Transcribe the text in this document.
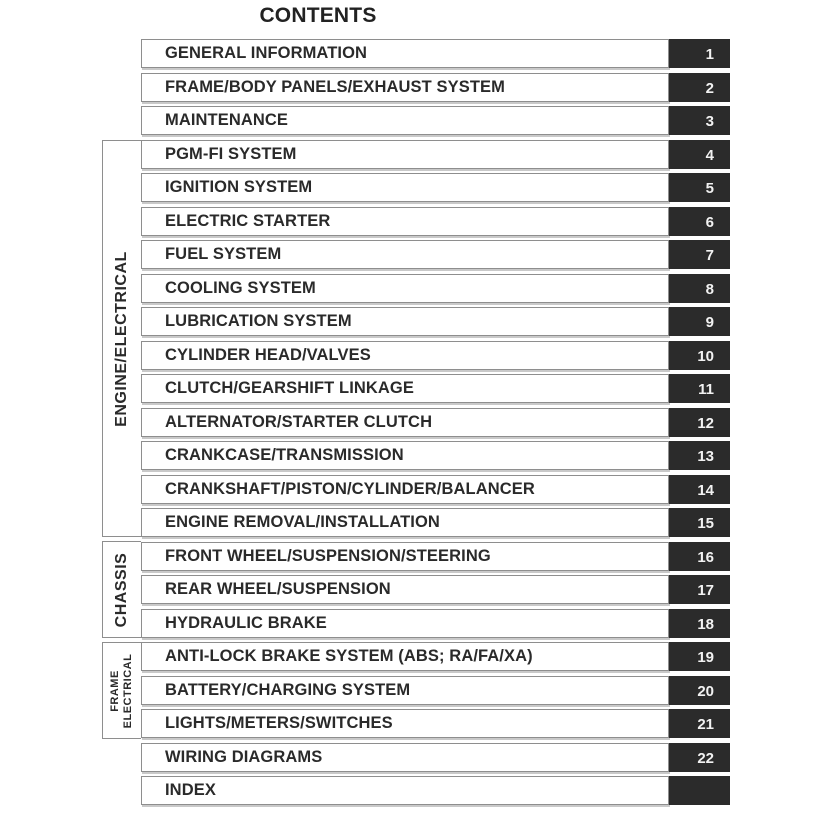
CONTENTS
GENERAL INFORMATION	1
FRAME/BODY PANELS/EXHAUST SYSTEM	2
MAINTENANCE	3
PGM-FI SYSTEM	4
IGNITION SYSTEM	5
ELECTRIC STARTER	6
FUEL SYSTEM	7
COOLING SYSTEM	8
LUBRICATION SYSTEM	9
CYLINDER HEAD/VALVES	10
CLUTCH/GEARSHIFT LINKAGE	11
ALTERNATOR/STARTER CLUTCH	12
CRANKCASE/TRANSMISSION	13
CRANKSHAFT/PISTON/CYLINDER/BALANCER	14
ENGINE REMOVAL/INSTALLATION	15
FRONT WHEEL/SUSPENSION/STEERING	16
REAR WHEEL/SUSPENSION	17
HYDRAULIC BRAKE	18
ANTI-LOCK BRAKE SYSTEM (ABS; RA/FA/XA)	19
BATTERY/CHARGING SYSTEM	20
LIGHTS/METERS/SWITCHES	21
WIRING DIAGRAMS	22
INDEX
ENGINE/ELECTRICAL
CHASSIS
FRAME ELECTRICAL
